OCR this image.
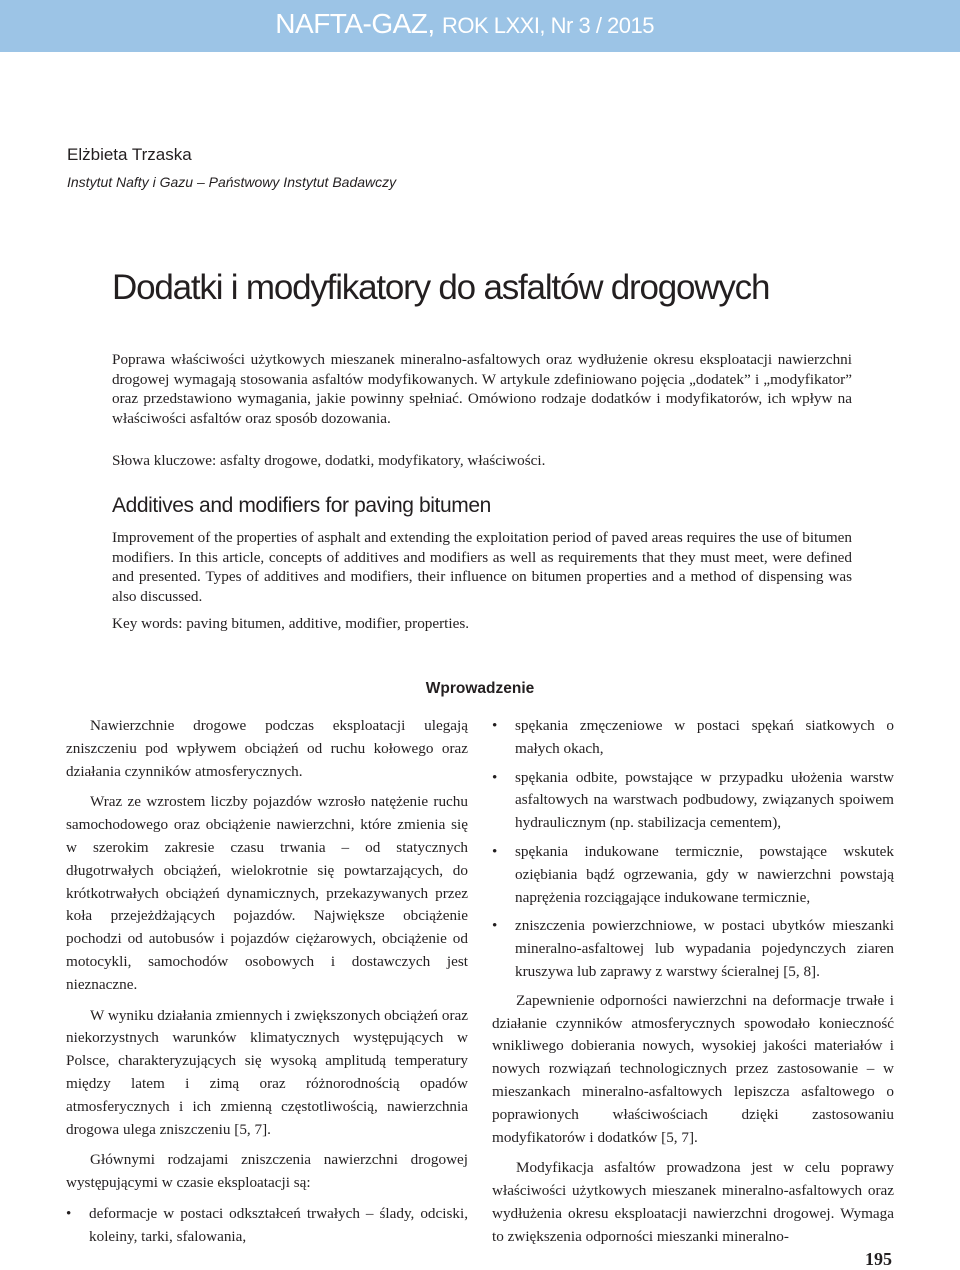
NAFTA-GAZ, ROK LXXI, Nr 3 / 2015
Elżbieta Trzaska
Instytut Nafty i Gazu – Państwowy Instytut Badawczy
Dodatki i modyfikatory do asfaltów drogowych

Poprawa właściwości użytkowych mieszanek mineralno-asfaltowych oraz wydłużenie okresu eksploatacji nawierzchni drogowej wymagają stosowania asfaltów modyfikowanych. W artykule zdefiniowano pojęcia „dodatek” i „modyfikator” oraz przedstawiono wymagania, jakie powinny spełniać. Omówiono rodzaje dodatków i modyfikatorów, ich wpływ na właściwości asfaltów oraz sposób dozowania.

Słowa kluczowe: asfalty drogowe, dodatki, modyfikatory, właściwości.

Additives and modifiers for paving bitumen

Improvement of the properties of asphalt and extending the exploitation period of paved areas requires the use of bitumen modifiers. In this article, concepts of additives and modifiers as well as requirements that they must meet, were defined and presented. Types of additives and modifiers, their influence on bitumen properties and a method of dispensing was also discussed.

Key words: paving bitumen, additive, modifier, properties.

Wprowadzenie

Nawierzchnie drogowe podczas eksploatacji ulegają zniszczeniu pod wpływem obciążeń od ruchu kołowego oraz działania czynników atmosferycznych.

Wraz ze wzrostem liczby pojazdów wzrosło natężenie ruchu samochodowego oraz obciążenie nawierzchni, które zmienia się w szerokim zakresie czasu trwania – od statycznych długotrwałych obciążeń, wielokrotnie się powtarzających, do krótkotrwałych obciążeń dynamicznych, przekazywanych przez koła przejeżdżających pojazdów. Największe obciążenie pochodzi od autobusów i pojazdów ciężarowych, obciążenie od motocykli, samochodów osobowych i dostawczych jest nieznaczne.

W wyniku działania zmiennych i zwiększonych obciążeń oraz niekorzystnych warunków klimatycznych występujących w Polsce, charakteryzujących się wysoką amplitudą temperatury między latem i zimą oraz różnorodnością opadów atmosferycznych i ich zmienną częstotliwością, nawierzchnia drogowa ulega zniszczeniu [5, 7].

Głównymi rodzajami zniszczenia nawierzchni drogowej występującymi w czasie eksploatacji są:

• deformacje w postaci odkształceń trwałych – ślady, odciski, koleiny, tarki, sfalowania,
• spękania zmęczeniowe w postaci spękań siatkowych o małych okach,
• spękania odbite, powstające w przypadku ułożenia warstw asfaltowych na warstwach podbudowy, związanych spoiwem hydraulicznym (np. stabilizacja cementem),
• spękania indukowane termicznie, powstające wskutek oziębiania bądź ogrzewania, gdy w nawierzchni powstają naprężenia rozciągające indukowane termicznie,
• zniszczenia powierzchniowe, w postaci ubytków mieszanki mineralno-asfaltowej lub wypadania pojedynczych ziaren kruszywa lub zaprawy z warstwy ścieralnej [5, 8].

Zapewnienie odporności nawierzchni na deformacje trwałe i działanie czynników atmosferycznych spowodało konieczność wnikliwego dobierania nowych, wysokiej jakości materiałów i nowych rozwiązań technologicznych przez zastosowanie – w mieszankach mineralno-asfaltowych lepiszcza asfaltowego o poprawionych właściwościach dzięki zastosowaniu modyfikatorów i dodatków [5, 7].

Modyfikacja asfaltów prowadzona jest w celu poprawy właściwości użytkowych mieszanek mineralno-asfaltowych oraz wydłużenia okresu eksploatacji nawierzchni drogowej. Wymaga to zwiększenia odporności mieszanki mineralno-

195
